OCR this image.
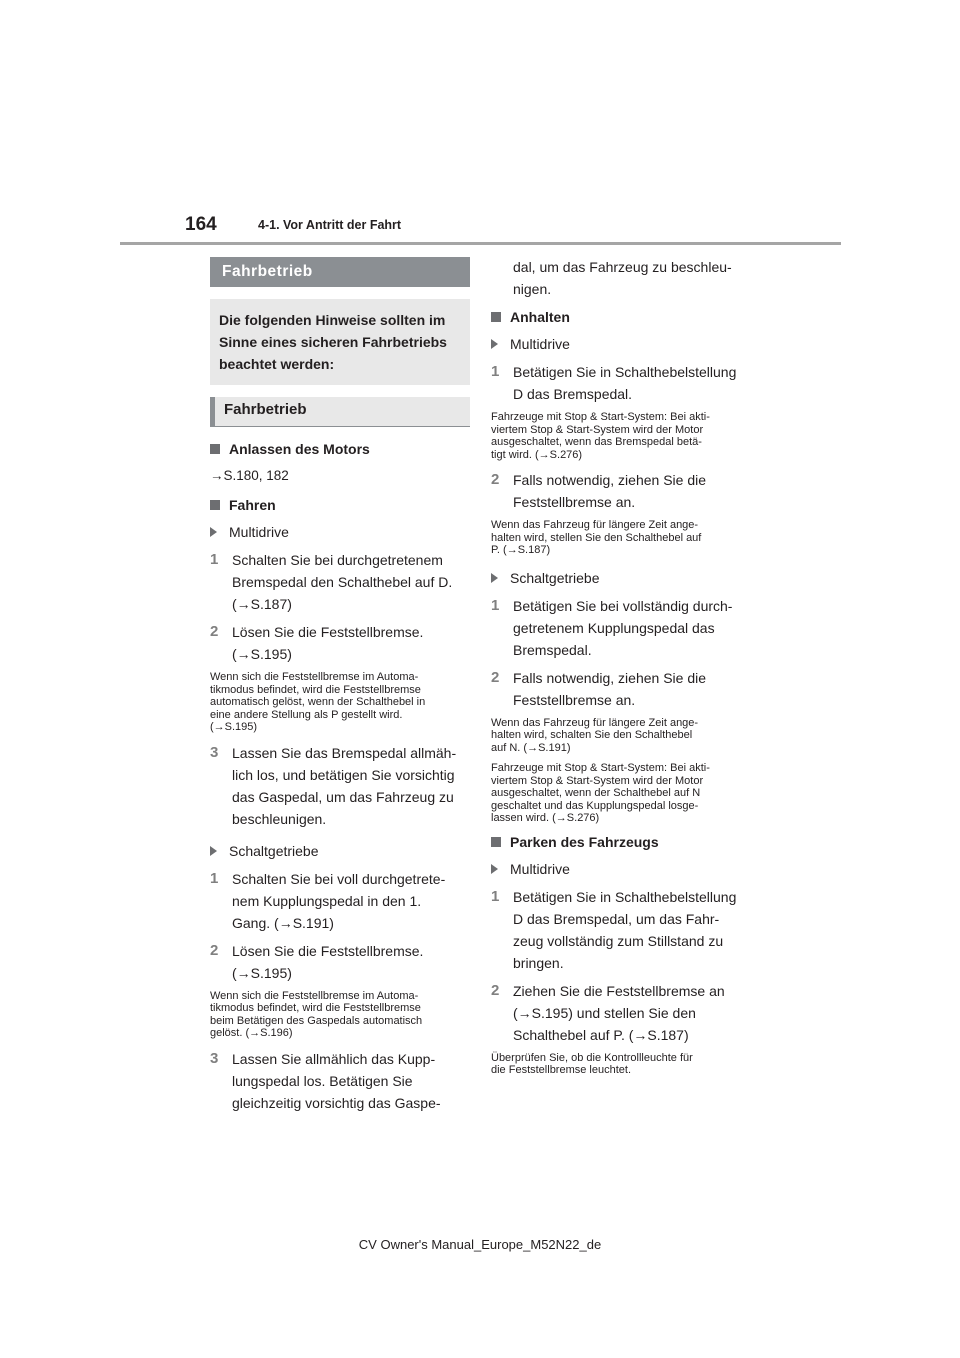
164	4-1. Vor Antritt der Fahrt
Fahrbetrieb
Die folgenden Hinweise sollten im Sinne eines sicheren Fahrbetriebs beachtet werden:
Fahrbetrieb
Anlassen des Motors
→S.180, 182
Fahren
Multidrive
1 Schalten Sie bei durchgetretenem
Bremspedal den Schalthebel auf D.
(→S.187)
2 Lösen Sie die Feststellbremse.
(→S.195)
Wenn sich die Feststellbremse im Automa-
tikmodus befindet, wird die Feststellbremse
automatisch gelöst, wenn der Schalthebel in
eine andere Stellung als P gestellt wird.
(→S.195)
3 Lassen Sie das Bremspedal allmäh-
lich los, und betätigen Sie vorsichtig
das Gaspedal, um das Fahrzeug zu
beschleunigen.
Schaltgetriebe
1 Schalten Sie bei voll durchgetrete-
nem Kupplungspedal in den 1.
Gang. (→S.191)
2 Lösen Sie die Feststellbremse.
(→S.195)
Wenn sich die Feststellbremse im Automa-
tikmodus befindet, wird die Feststellbremse
beim Betätigen des Gaspedals automatisch
gelöst. (→S.196)
3 Lassen Sie allmählich das Kupp-
lungspedal los. Betätigen Sie
gleichzeitig vorsichtig das Gaspe-
dal, um das Fahrzeug zu beschleu-
nigen.
Anhalten
Multidrive
1 Betätigen Sie in Schalthebelstellung
D das Bremspedal.
Fahrzeuge mit Stop & Start-System: Bei akti-
viertem Stop & Start-System wird der Motor
ausgeschaltet, wenn das Bremspedal betä-
tigt wird. (→S.276)
2 Falls notwendig, ziehen Sie die
Feststellbremse an.
Wenn das Fahrzeug für längere Zeit ange-
halten wird, stellen Sie den Schalthebel auf
P. (→S.187)
Schaltgetriebe
1 Betätigen Sie bei vollständig durch-
getretenem Kupplungspedal das
Bremspedal.
2 Falls notwendig, ziehen Sie die
Feststellbremse an.
Wenn das Fahrzeug für längere Zeit ange-
halten wird, schalten Sie den Schalthebel
auf N. (→S.191)
Fahrzeuge mit Stop & Start-System: Bei akti-
viertem Stop & Start-System wird der Motor
ausgeschaltet, wenn der Schalthebel auf N
geschaltet und das Kupplungspedal losge-
lassen wird. (→S.276)
Parken des Fahrzeugs
Multidrive
1 Betätigen Sie in Schalthebelstellung
D das Bremspedal, um das Fahr-
zeug vollständig zum Stillstand zu
bringen.
2 Ziehen Sie die Feststellbremse an
(→S.195) und stellen Sie den
Schalthebel auf P. (→S.187)
Überprüfen Sie, ob die Kontrollleuchte für
die Feststellbremse leuchtet.
CV Owner's Manual_Europe_M52N22_de
